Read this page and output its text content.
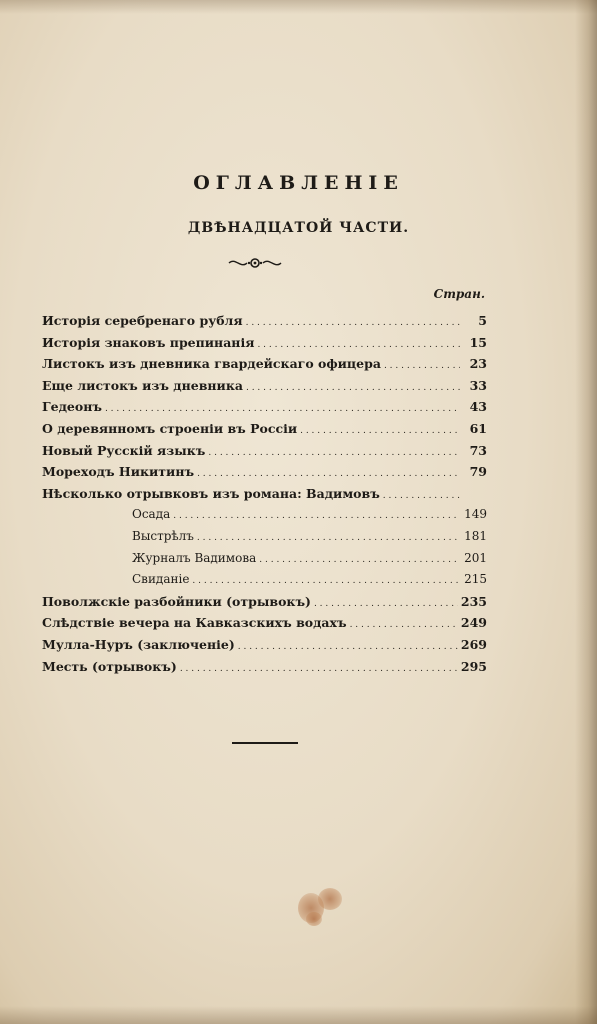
ОГЛАВЛЕНІЕ
ДВѢНАДЦАТОЙ ЧАСТИ.
Стран.
Исторія серебренаго рубля . . .	5
Исторія знаковъ препинанія . . .	15
Листокъ изъ дневника гвардейскаго офицера . . .	23
Еще листокъ изъ дневника . . .	33
Гедеонъ . . .	43
О деревянномъ строеніи въ Россіи . . .	61
Новый Русскій языкъ . . .	73
Мореходъ Никитинъ . . .	79
Нѣсколько отрывковъ изъ романа: Вадимовъ
. . .
Осада . . .	149
Выстрѣлъ . . .	181
Журналъ Вадимова . . .	201
Свиданіе . . .	215
Поволжскіе разбойники (отрывокъ) . . .	235
Слѣдствіе вечера на Кавказскихъ водахъ . . .	249
Мулла-Нуръ (заключеніе) . . .	269
Месть (отрывокъ) . . .	295
